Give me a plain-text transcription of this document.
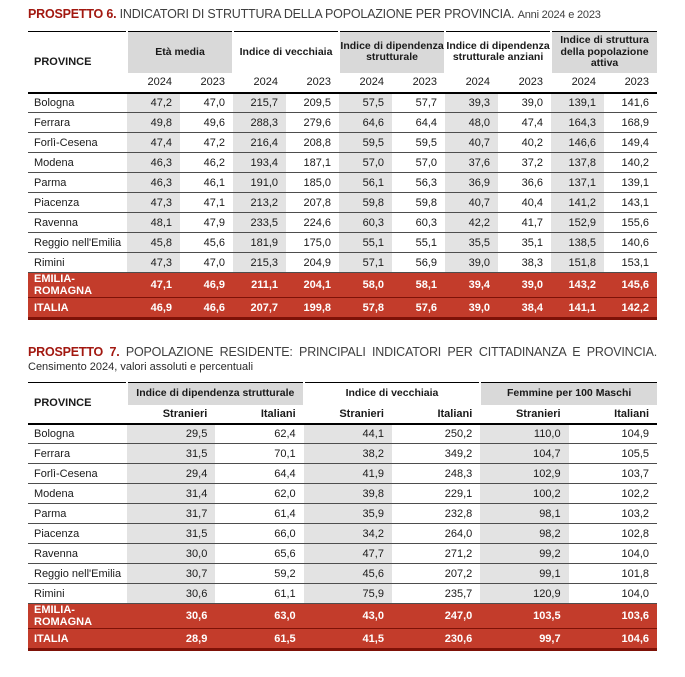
PROSPETTO 6. INDICATORI DI STRUTTURA DELLA POPOLAZIONE PER PROVINCIA. Anni 2024 e 2023
PROVINCE	Età media		Indice di vecchiaia		Indice di dipendenza strutturale		Indice di dipendenza strutturale anziani		Indice di struttura della popolazione attiva	
	2024	2023	2024	2023	2024	2023	2024	2023	2024	2023
Bologna	47,2	47,0	215,7	209,5	57,5	57,7	39,3	39,0	139,1	141,6
Ferrara	49,8	49,6	288,3	279,6	64,6	64,4	48,0	47,4	164,3	168,9
Forlì-Cesena	47,4	47,2	216,4	208,8	59,5	59,5	40,7	40,2	146,6	149,4
Modena	46,3	46,2	193,4	187,1	57,0	57,0	37,6	37,2	137,8	140,2
Parma	46,3	46,1	191,0	185,0	56,1	56,3	36,9	36,6	137,1	139,1
Piacenza	47,3	47,1	213,2	207,8	59,8	59,8	40,7	40,4	141,2	143,1
Ravenna	48,1	47,9	233,5	224,6	60,3	60,3	42,2	41,7	152,9	155,6
Reggio nell'Emilia	45,8	45,6	181,9	175,0	55,1	55,1	35,5	35,1	138,5	140,6
Rimini	47,3	47,0	215,3	204,9	57,1	56,9	39,0	38,3	151,8	153,1
EMILIA-ROMAGNA	47,1	46,9	211,1	204,1	58,0	58,1	39,4	39,0	143,2	145,6
ITALIA	46,9	46,6	207,7	199,8	57,8	57,6	39,0	38,4	141,1	142,2
PROSPETTO 7. POPOLAZIONE RESIDENTE: PRINCIPALI INDICATORI PER CITTADINANZA E PROVINCIA.
Censimento 2024, valori assoluti e percentuali
PROVINCE	Indice di dipendenza strutturale		Indice di vecchiaia		Femmine per 100 Maschi	
	Stranieri	Italiani	Stranieri	Italiani	Stranieri	Italiani
Bologna	29,5	62,4	44,1	250,2	110,0	104,9
Ferrara	31,5	70,1	38,2	349,2	104,7	105,5
Forlì-Cesena	29,4	64,4	41,9	248,3	102,9	103,7
Modena	31,4	62,0	39,8	229,1	100,2	102,2
Parma	31,7	61,4	35,9	232,8	98,1	103,2
Piacenza	31,5	66,0	34,2	264,0	98,2	102,8
Ravenna	30,0	65,6	47,7	271,2	99,2	104,0
Reggio nell'Emilia	30,7	59,2	45,6	207,2	99,1	101,8
Rimini	30,6	61,1	75,9	235,7	120,9	104,0
EMILIA-ROMAGNA	30,6	63,0	43,0	247,0	103,5	103,6
ITALIA	28,9	61,5	41,5	230,6	99,7	104,6
